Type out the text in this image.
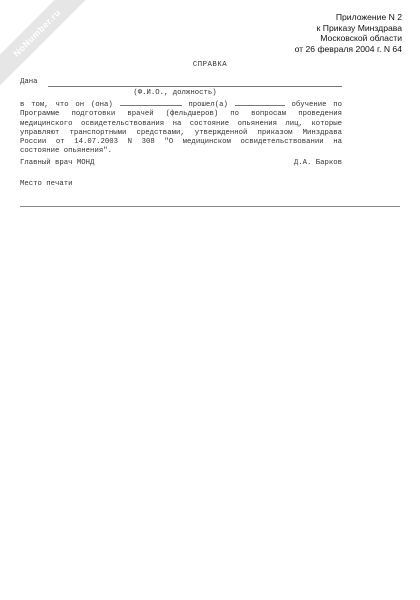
NoNumber.ru	Приложение N 2
к Приказу Минздрава
Московской области
от 26 февраля 2004 г. N 64
СПРАВКА
Дана
(Ф.И.О., должность)
в том, что он (она)	прошел(а)	обучение по Программе подготовки врачей (фельдшеров) по вопросам проведения медицинского освидетельствования на состояние опьянения лиц, которые управляют транспортными средствами, утвержденной приказом Минздрава России от 14.07.2003 N 308 "О медицинском освидетельствовании на состояние опьянения".
Главный врач МОНД	Д.А. Барков
Место печати
